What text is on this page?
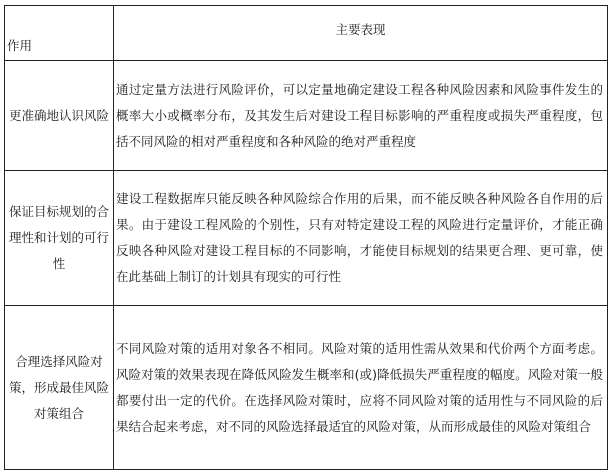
作用
主要表现
更准确地认识风险
通过定量方法进行风险评价，可以定量地确定建设工程各种风险因素和风险事件发生的概率大小或概率分布，及其发生后对建设工程目标影响的严重程度或损失严重程度，包括不同风险的相对严重程度和各种风险的绝对严重程度
保证目标规划的合理性和计划的可行性
建设工程数据库只能反映各种风险综合作用的后果，而不能反映各种风险各自作用的后果。由于建设工程风险的个别性，只有对特定建设工程的风险进行定量评价，才能正确反映各种风险对建设工程目标的不同影响，才能使目标规划的结果更合理、更可靠，使在此基础上制订的计划具有现实的可行性
合理选择风险对策，形成最佳风险对策组合
不同风险对策的适用对象各不相同。风险对策的适用性需从效果和代价两个方面考虑。风险对策的效果表现在降低风险发生概率和(或)降低损失严重程度的幅度。风险对策一般都要付出一定的代价。在选择风险对策时，应将不同风险对策的适用性与不同风险的后果结合起来考虑，对不同的风险选择最适宜的风险对策，从而形成最佳的风险对策组合
